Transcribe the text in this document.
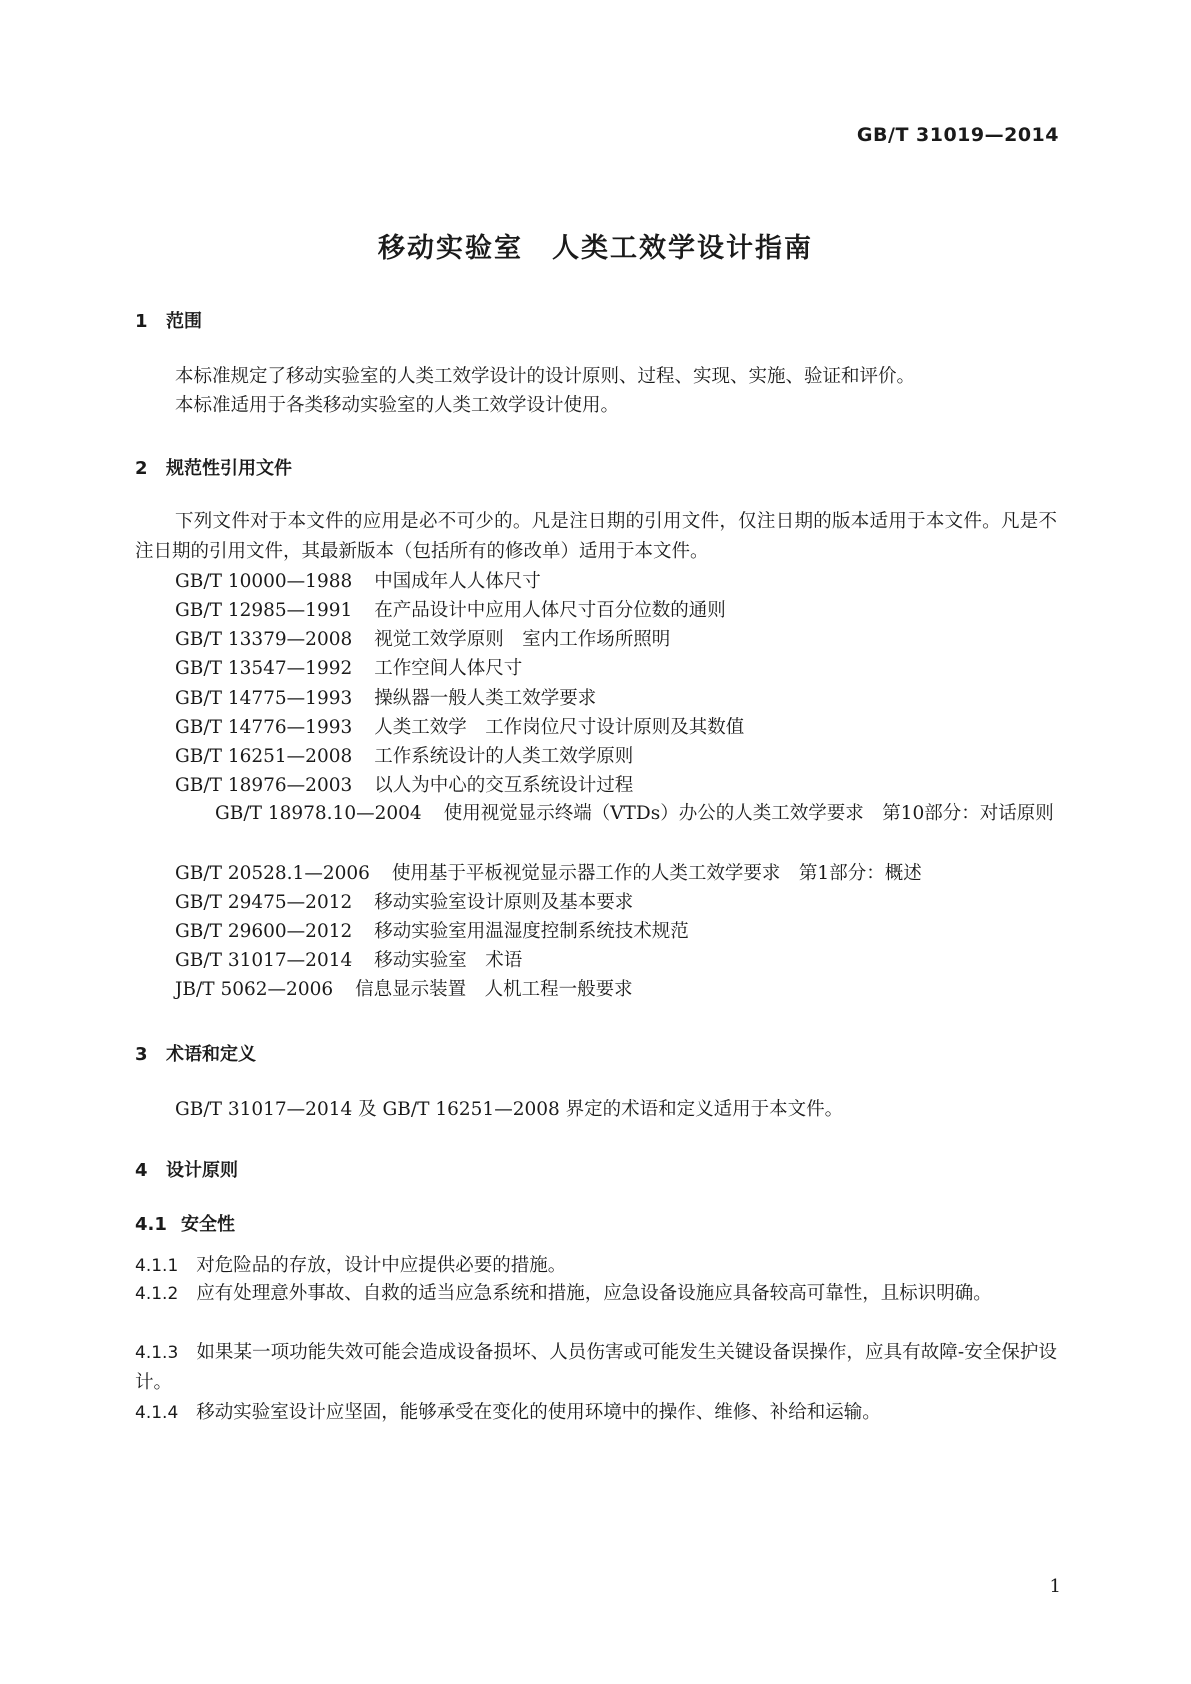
GB/T 31019—2014
移动实验室　人类工效学设计指南
1 范围
本标准规定了移动实验室的人类工效学设计的设计原则、过程、实现、实施、验证和评价。
本标准适用于各类移动实验室的人类工效学设计使用。
2 规范性引用文件
下列文件对于本文件的应用是必不可少的。凡是注日期的引用文件，仅注日期的版本适用于本文件。凡是不注日期的引用文件，其最新版本（包括所有的修改单）适用于本文件。
GB/T 10000—1988 中国成年人人体尺寸
GB/T 12985—1991 在产品设计中应用人体尺寸百分位数的通则
GB/T 13379—2008 视觉工效学原则　室内工作场所照明
GB/T 13547—1992 工作空间人体尺寸
GB/T 14775—1993 操纵器一般人类工效学要求
GB/T 14776—1993 人类工效学　工作岗位尺寸设计原则及其数值
GB/T 16251—2008 工作系统设计的人类工效学原则
GB/T 18976—2003 以人为中心的交互系统设计过程
GB/T 18978.10—2004 使用视觉显示终端（VTDs）办公的人类工效学要求　第10部分：对话原则
GB/T 20528.1—2006 使用基于平板视觉显示器工作的人类工效学要求　第1部分：概述
GB/T 29475—2012 移动实验室设计原则及基本要求
GB/T 29600—2012 移动实验室用温湿度控制系统技术规范
GB/T 31017—2014 移动实验室　术语
JB/T 5062—2006 信息显示装置　人机工程一般要求
3 术语和定义
GB/T 31017—2014 及 GB/T 16251—2008 界定的术语和定义适用于本文件。
4 设计原则
4.1 安全性
4.1.1 对危险品的存放，设计中应提供必要的措施。
4.1.2 应有处理意外事故、自救的适当应急系统和措施，应急设备设施应具备较高可靠性，且标识明确。
4.1.3 如果某一项功能失效可能会造成设备损坏、人员伤害或可能发生关键设备误操作，应具有故障-安全保护设计。
4.1.4 移动实验室设计应坚固，能够承受在变化的使用环境中的操作、维修、补给和运输。
1
